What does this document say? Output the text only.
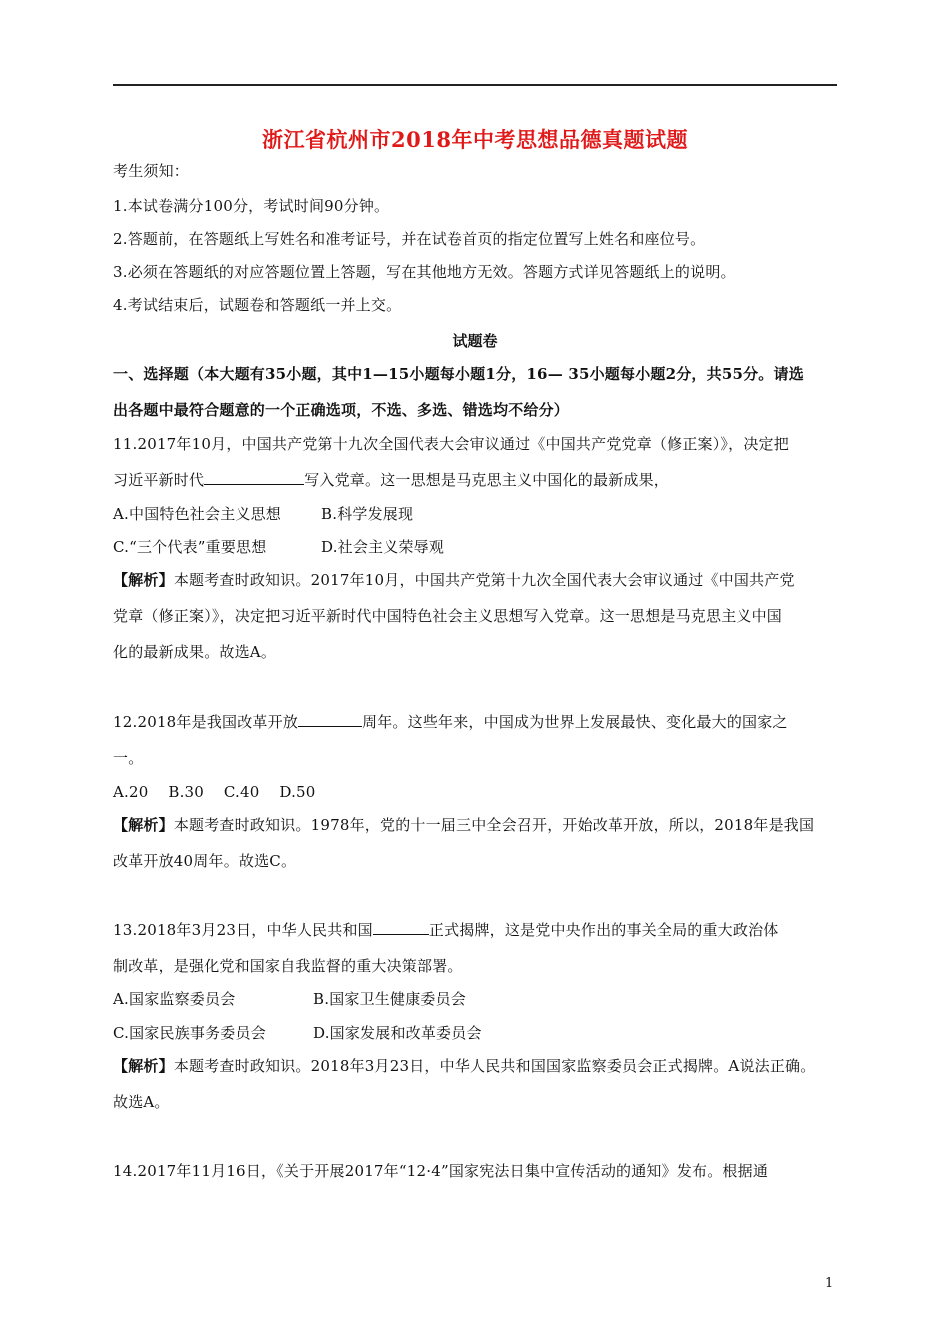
浙江省杭州市2018年中考思想品德真题试题
考生须知：
1.本试卷满分100分，考试时间90分钟。
2.答题前，在答题纸上写姓名和准考证号，并在试卷首页的指定位置写上姓名和座位号。
3.必须在答题纸的对应答题位置上答题，写在其他地方无效。答题方式详见答题纸上的说明。
4.考试结束后，试题卷和答题纸一并上交。
试题卷
一、选择题（本大题有35小题，其中1—15小题每小题1分，16— 35小题每小题2分，共55分。请选
出各题中最符合题意的一个正确选项，不选、多选、错选均不给分）
11.2017年10月，中国共产党第十九次全国代表大会审议通过《中国共产党党章（修正案）》，决定把
习近平新时代	写入党章。这一思想是马克思主义中国化的最新成果，
A.中国特色社会主义思想	B.科学发展现
C.“三个代表”重要思想	D.社会主义荣辱观
【解析】本题考查时政知识。2017年10月，中国共产党第十九次全国代表大会审议通过《中国共产党
党章（修正案）》，决定把习近平新时代中国特色社会主义思想写入党章。这一思想是马克思主义中国
化的最新成果。故选A。
12.2018年是我国改革开放	周年。这些年来，中国成为世界上发展最快、变化最大的国家之
一。
A.20    B.30    C.40    D.50
【解析】本题考查时政知识。1978年，党的十一届三中全会召开，开始改革开放，所以，2018年是我国
改革开放40周年。故选C。
13.2018年3月23日，中华人民共和国	正式揭牌，这是党中央作出的事关全局的重大政治体
制改革，是强化党和国家自我监督的重大决策部署。
A.国家监察委员会	B.国家卫生健康委员会
C.国家民族事务委员会	D.国家发展和改革委员会
【解析】本题考查时政知识。2018年3月23日，中华人民共和国国家监察委员会正式揭牌。A说法正确。
故选A。
14.2017年11月16日，《关于开展2017年“12·4”国家宪法日集中宣传活动的通知》发布。根据通
1
